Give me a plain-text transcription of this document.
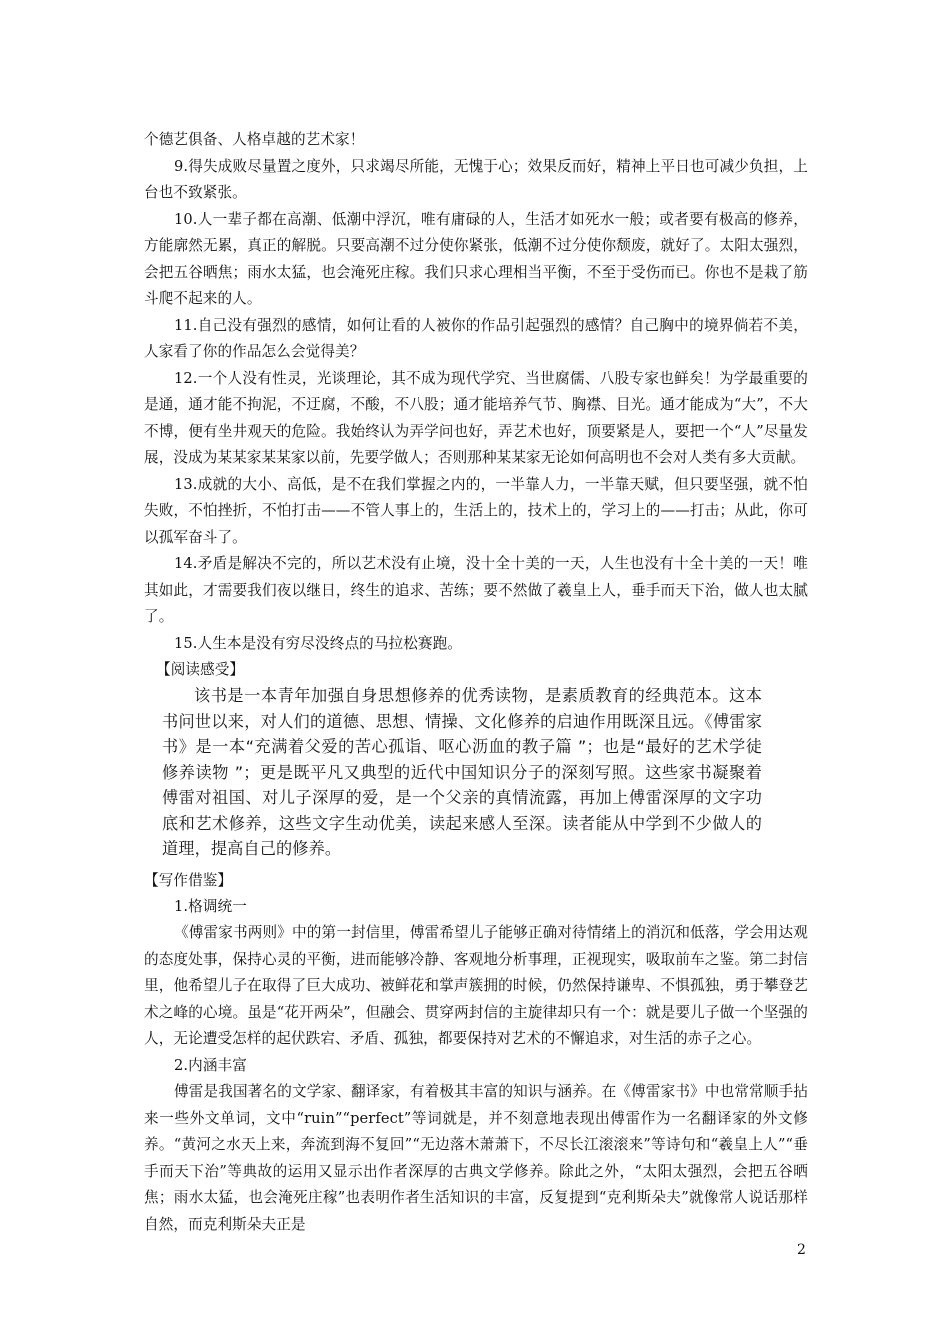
个德艺俱备、人格卓越的艺术家！

9.得失成败尽量置之度外，只求竭尽所能，无愧于心；效果反而好，精神上平日也可减少负担，上台也不致紧张。

10.人一辈子都在高潮、低潮中浮沉，唯有庸碌的人，生活才如死水一般；或者要有极高的修养，方能廓然无累，真正的解脱。只要高潮不过分使你紧张，低潮不过分使你颓废，就好了。太阳太强烈，会把五谷晒焦；雨水太猛，也会淹死庄稼。我们只求心理相当平衡，不至于受伤而已。你也不是栽了筋斗爬不起来的人。

11.自己没有强烈的感情，如何让看的人被你的作品引起强烈的感情？自己胸中的境界倘若不美，人家看了你的作品怎么会觉得美？

12.一个人没有性灵，光谈理论，其不成为现代学究、当世腐儒、八股专家也鲜矣！为学最重要的是通，通才能不拘泥，不迂腐，不酸，不八股；通才能培养气节、胸襟、目光。通才能成为“大”，不大不博，便有坐井观天的危险。我始终认为弄学问也好，弄艺术也好，顶要紧是人，要把一个“人”尽量发展，没成为某某家某某家以前，先要学做人；否则那种某某家无论如何高明也不会对人类有多大贡献。

13.成就的大小、高低，是不在我们掌握之内的，一半靠人力，一半靠天赋，但只要坚强，就不怕失败，不怕挫折，不怕打击——不管人事上的，生活上的，技术上的，学习上的——打击；从此，你可以孤军奋斗了。

14.矛盾是解决不完的，所以艺术没有止境，没十全十美的一天，人生也没有十全十美的一天！唯其如此，才需要我们夜以继日，终生的追求、苦练；要不然做了羲皇上人，垂手而天下治，做人也太腻了。

15.人生本是没有穷尽没终点的马拉松赛跑。

【阅读感受】

该书是一本青年加强自身思想修养的优秀读物，是素质教育的经典范本。这本书问世以来，对人们的道德、思想、情操、文化修养的启迪作用既深且远。《傅雷家书》是一本“充满着父爱的苦心孤诣、呕心沥血的教子篇 ”；也是“最好的艺术学徒修养读物 ”；更是既平凡又典型的近代中国知识分子的深刻写照。这些家书凝聚着傅雷对祖国、对儿子深厚的爱，是一个父亲的真情流露，再加上傅雷深厚的文字功底和艺术修养，这些文字生动优美，读起来感人至深。读者能从中学到不少做人的道理，提高自己的修养。

【写作借鉴】

1.格调统一

《傅雷家书两则》中的第一封信里，傅雷希望儿子能够正确对待情绪上的消沉和低落，学会用达观的态度处事，保持心灵的平衡，进而能够冷静、客观地分析事理，正视现实，吸取前车之鉴。第二封信里，他希望儿子在取得了巨大成功、被鲜花和掌声簇拥的时候，仍然保持谦卑、不惧孤独，勇于攀登艺术之峰的心境。虽是“花开两朵”，但融会、贯穿两封信的主旋律却只有一个：就是要儿子做一个坚强的人，无论遭受怎样的起伏跌宕、矛盾、孤独，都要保持对艺术的不懈追求，对生活的赤子之心。

2.内涵丰富

傅雷是我国著名的文学家、翻译家，有着极其丰富的知识与涵养。在《傅雷家书》中也常常顺手拈来一些外文单词，文中“ruin”“perfect”等词就是，并不刻意地表现出傅雷作为一名翻译家的外文修养。“黄河之水天上来，奔流到海不复回”“无边落木萧萧下，不尽长江滚滚来”等诗句和“羲皇上人”“垂手而天下治”等典故的运用又显示出作者深厚的古典文学修养。除此之外，“太阳太强烈，会把五谷晒焦；雨水太猛，也会淹死庄稼”也表明作者生活知识的丰富，反复提到“克利斯朵夫”就像常人说话那样自然，而克利斯朵夫正是

2
